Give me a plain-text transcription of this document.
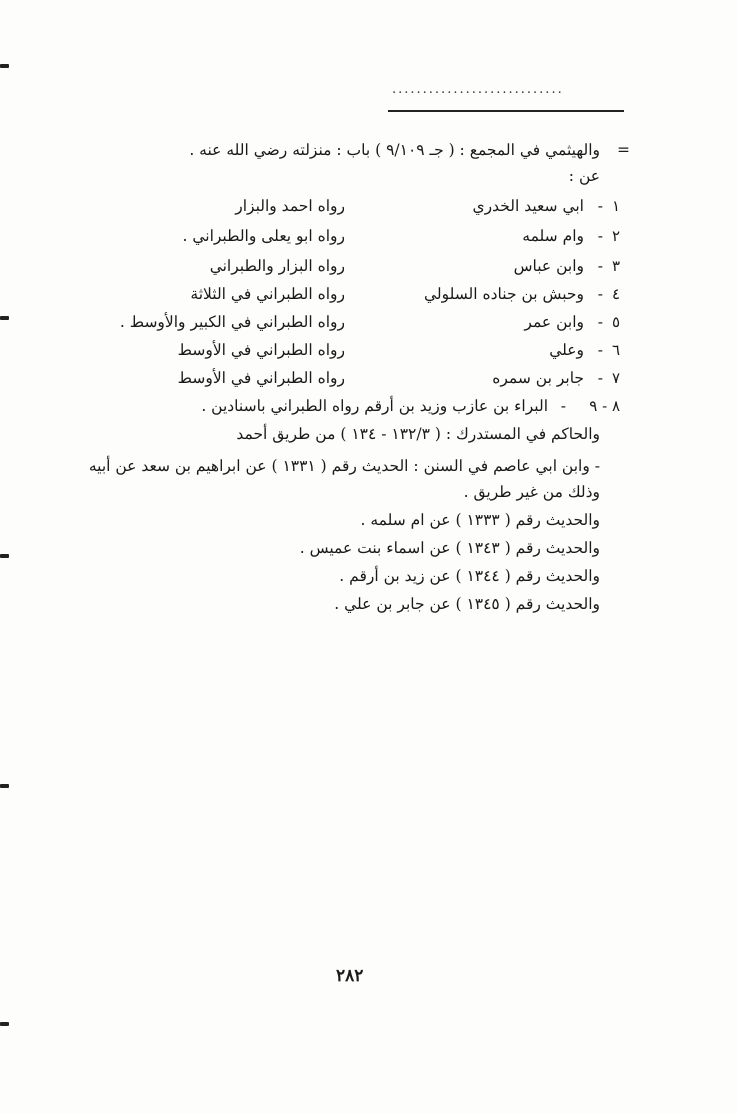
............................
=
والهيثمي في المجمع : ( جـ ٩/١٠٩ ) باب : منزلته رضي الله عنه .
عن :
١
-
ابي سعيد الخدري
رواه احمد والبزار
٢
-
وام سلمه
رواه ابو يعلى والطبراني .
٣
-
وابن عباس
رواه البزار والطبراني
٤
-
وحبش بن جناده السلولي
رواه الطبراني في الثلاثة
٥
-
وابن عمر
رواه الطبراني في الكبير والأوسط .
٦
-
وعلي
رواه الطبراني في الأوسط
٧
-
جابر بن سمره
رواه الطبراني في الأوسط
٨ - ٩
-
البراء بن عازب وزيد بن أرقم رواه الطبراني باسنادين .
والحاكم في المستدرك : ( ١٣٢/٣ - ١٣٤ ) من طريق أحمد
- وابن ابي عاصم في السنن : الحديث رقم ( ١٣٣١ ) عن ابراهيم بن سعد عن أبيه
وذلك من غير طريق .
والحديث رقم ( ١٣٣٣ ) عن ام سلمه .
والحديث رقم ( ١٣٤٣ ) عن اسماء بنت عميس .
والحديث رقم ( ١٣٤٤ ) عن زيد بن أرقم .
والحديث رقم ( ١٣٤٥ ) عن جابر بن علي .
٢٨٢
